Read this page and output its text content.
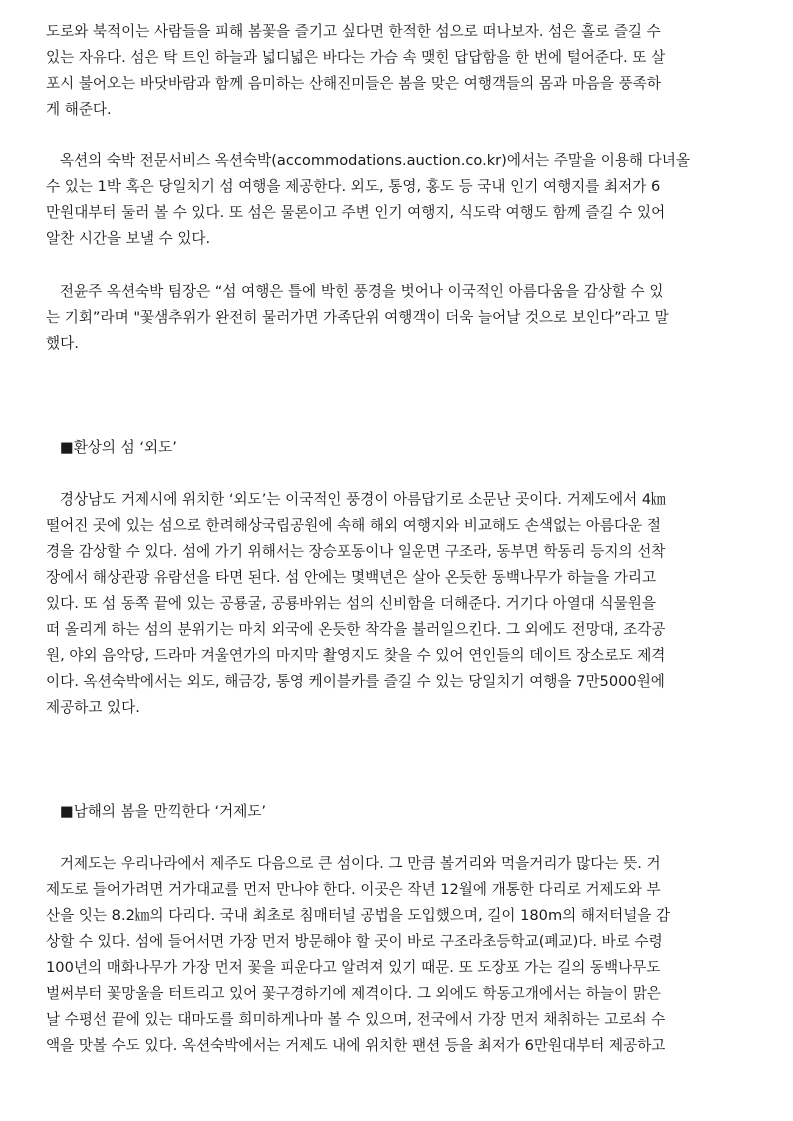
도로와 북적이는 사람들을 피해 봄꽃을 즐기고 싶다면 한적한 섬으로 떠나보자. 섬은 홀로 즐길 수
있는 자유다. 섬은 탁 트인 하늘과 넓디넓은 바다는 가슴 속 맺힌 답답함을 한 번에 털어준다. 또 살
포시 불어오는 바닷바람과 함께 음미하는 산해진미들은 봄을 맞은 여행객들의 몸과 마음을 풍족하
게 해준다.
옥션의 숙박 전문서비스 옥션숙박(accommodations.auction.co.kr)에서는 주말을 이용해 다녀올
수 있는 1박 혹은 당일치기 섬 여행을 제공한다. 외도, 통영, 홍도 등 국내 인기 여행지를 최저가 6
만원대부터 둘러 볼 수 있다. 또 섬은 물론이고 주변 인기 여행지, 식도락 여행도 함께 즐길 수 있어
알찬 시간을 보낼 수 있다.
전윤주 옥션숙박 팀장은 “섬 여행은 틀에 박힌 풍경을 벗어나 이국적인 아름다움을 감상할 수 있
는 기회”라며 "꽃샘추위가 완전히 물러가면 가족단위 여행객이 더욱 늘어날 것으로 보인다”라고 말
했다.
■환상의 섬 ‘외도’
경상남도 거제시에 위치한 ‘외도’는 이국적인 풍경이 아름답기로 소문난 곳이다. 거제도에서 4㎞
떨어진 곳에 있는 섬으로 한려해상국립공원에 속해 해외 여행지와 비교해도 손색없는 아름다운 절
경을 감상할 수 있다. 섬에 가기 위해서는 장승포동이나 일운면 구조라, 동부면 학동리 등지의 선착
장에서 해상관광 유람선을 타면 된다. 섬 안에는 몇백년은 살아 온듯한 동백나무가 하늘을 가리고
있다. 또 섬 동쪽 끝에 있는 공룡굴, 공룡바위는 섬의 신비함을 더해준다. 거기다 아열대 식물원을
떠 올리게 하는 섬의 분위기는 마치 외국에 온듯한 착각을 불러일으킨다. 그 외에도 전망대, 조각공
원, 야외 음악당, 드라마 겨울연가의 마지막 촬영지도 찾을 수 있어 연인들의 데이트 장소로도 제격
이다. 옥션숙박에서는 외도, 해금강, 통영 케이블카를 즐길 수 있는 당일치기 여행을 7만5000원에
제공하고 있다.
■남해의 봄을 만끽한다 ‘거제도’
거제도는 우리나라에서 제주도 다음으로 큰 섬이다. 그 만큼 볼거리와 먹을거리가 많다는 뜻. 거
제도로 들어가려면 거가대교를 먼저 만나야 한다. 이곳은 작년 12월에 개통한 다리로 거제도와 부
산을 잇는 8.2㎞의 다리다. 국내 최초로 침매터널 공법을 도입했으며, 길이 180m의 해저터널을 감
상할 수 있다. 섬에 들어서면 가장 먼저 방문해야 할 곳이 바로 구조라초등학교(폐교)다. 바로 수령
100년의 매화나무가 가장 먼저 꽃을 피운다고 알려져 있기 때문. 또 도장포 가는 길의 동백나무도
벌써부터 꽃망울을 터트리고 있어 꽃구경하기에 제격이다. 그 외에도 학동고개에서는 하늘이 맑은
날 수평선 끝에 있는 대마도를 희미하게나마 볼 수 있으며, 전국에서 가장 먼저 채취하는 고로쇠 수
액을 맛볼 수도 있다. 옥션숙박에서는 거제도 내에 위치한 팬션 등을 최저가 6만원대부터 제공하고
